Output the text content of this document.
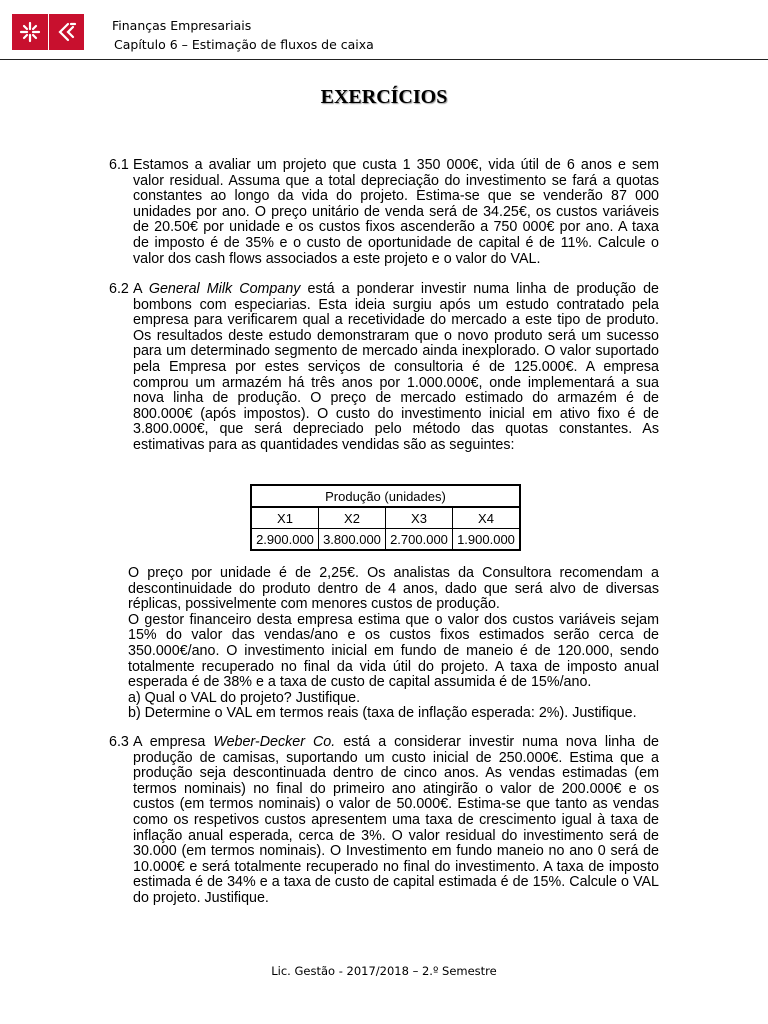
Finanças Empresariais
Capítulo 6 – Estimação de fluxos de caixa
EXERCÍCIOS
6.1 Estamos a avaliar um projeto que custa 1 350 000€, vida útil de 6 anos e sem valor residual. Assuma que a total depreciação do investimento se fará a quotas constantes ao longo da vida do projeto. Estima-se que se venderão 87 000 unidades por ano. O preço unitário de venda será de 34.25€, os custos variáveis de 20.50€ por unidade e os custos fixos ascenderão a 750 000€ por ano. A taxa de imposto é de 35% e o custo de oportunidade de capital é de 11%. Calcule o valor dos cash flows associados a este projeto e o valor do VAL.

6.2 A General Milk Company está a ponderar investir numa linha de produção de bombons com especiarias. Esta ideia surgiu após um estudo contratado pela empresa para verificarem qual a recetividade do mercado a este tipo de produto. Os resultados deste estudo demonstraram que o novo produto será um sucesso para um determinado segmento de mercado ainda inexplorado. O valor suportado pela Empresa por estes serviços de consultoria é de 125.000€. A empresa comprou um armazém há três anos por 1.000.000€, onde implementará a sua nova linha de produção. O preço de mercado estimado do armazém é de 800.000€ (após impostos). O custo do investimento inicial em ativo fixo é de 3.800.000€, que será depreciado pelo método das quotas constantes. As estimativas para as quantidades vendidas são as seguintes:

Produção (unidades)			
X1	X2	X3	X4
2.900.000	3.800.000	2.700.000	1.900.000

O preço por unidade é de 2,25€. Os analistas da Consultora recomendam a descontinuidade do produto dentro de 4 anos, dado que será alvo de diversas réplicas, possivelmente com menores custos de produção.

O gestor financeiro desta empresa estima que o valor dos custos variáveis sejam 15% do valor das vendas/ano e os custos fixos estimados serão cerca de 350.000€/ano. O investimento inicial em fundo de maneio é de 120.000, sendo totalmente recuperado no final da vida útil do projeto. A taxa de imposto anual esperada é de 38% e a taxa de custo de capital assumida é de 15%/ano.

a) Qual o VAL do projeto? Justifique.

b) Determine o VAL em termos reais (taxa de inflação esperada: 2%). Justifique.

6.3 A empresa Weber-Decker Co. está a considerar investir numa nova linha de produção de camisas, suportando um custo inicial de 250.000€. Estima que a produção seja descontinuada dentro de cinco anos. As vendas estimadas (em termos nominais) no final do primeiro ano atingirão o valor de 200.000€ e os custos (em termos nominais) o valor de 50.000€. Estima-se que tanto as vendas como os respetivos custos apresentem uma taxa de crescimento igual à taxa de inflação anual esperada, cerca de 3%. O valor residual do investimento será de 30.000 (em termos nominais). O Investimento em fundo maneio no ano 0 será de 10.000€ e será totalmente recuperado no final do investimento. A taxa de imposto estimada é de 34% e a taxa de custo de capital estimada é de 15%. Calcule o VAL do projeto. Justifique.

Lic. Gestão - 2017/2018 – 2.º Semestre
